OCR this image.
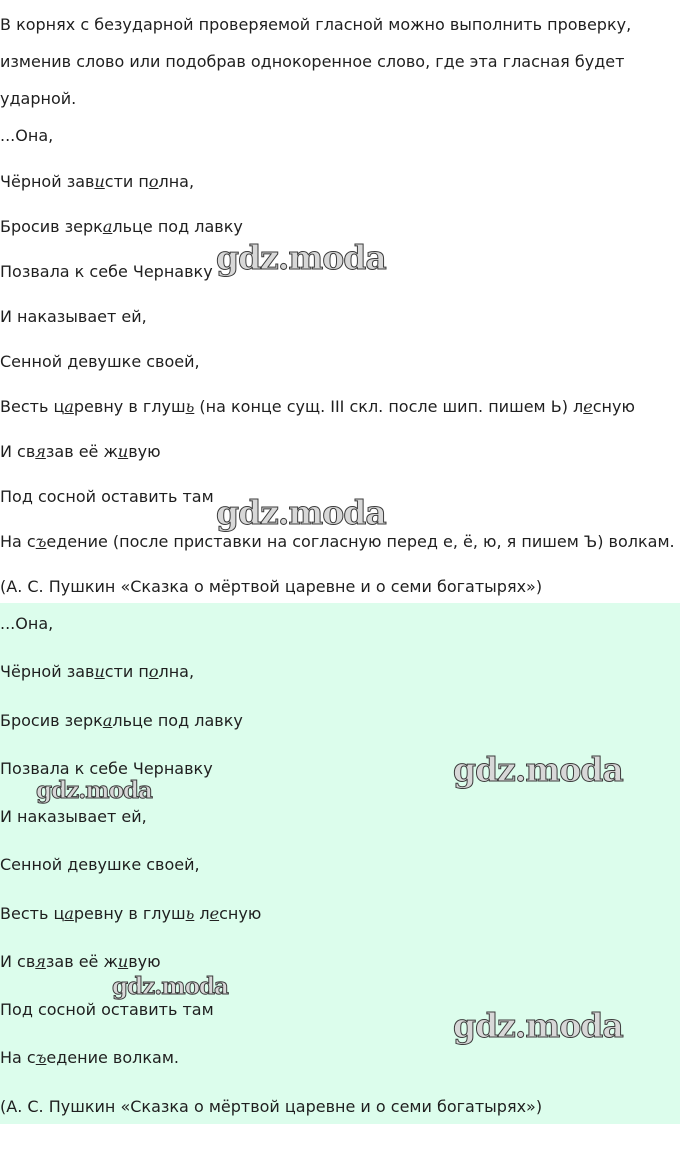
В корнях с безударной проверяемой гласной можно выполнить проверку, изменив слово или подобрав однокоренное слово, где эта гласная будет ударной.

...Она,
Чёрной зависти полна,
Бросив зеркальце под лавку
Позвала к себе Чернавку
И наказывает ей,
Сенной девушке своей,
Весть царевну в глушь (на конце сущ. III скл. после шип. пишем Ь) лесную
И связав её живую
Под сосной оставить там
На съедение (после приставки на согласную перед е, ё, ю, я пишем Ъ) волкам.
(А. С. Пушкин «Сказка о мёртвой царевне и о семи богатырях»)
gdz.moda
gdz.moda
...Она,
Чёрной зависти полна,
Бросив зеркальце под лавку
Позвала к себе Чернавку
И наказывает ей,
Сенной девушке своей,
Весть царевну в глушь лесную
И связав её живую
Под сосной оставить там
На съедение волкам.
(А. С. Пушкин «Сказка о мёртвой царевне и о семи богатырях»)
gdz.moda
gdz.moda
gdz.moda
gdz.moda
